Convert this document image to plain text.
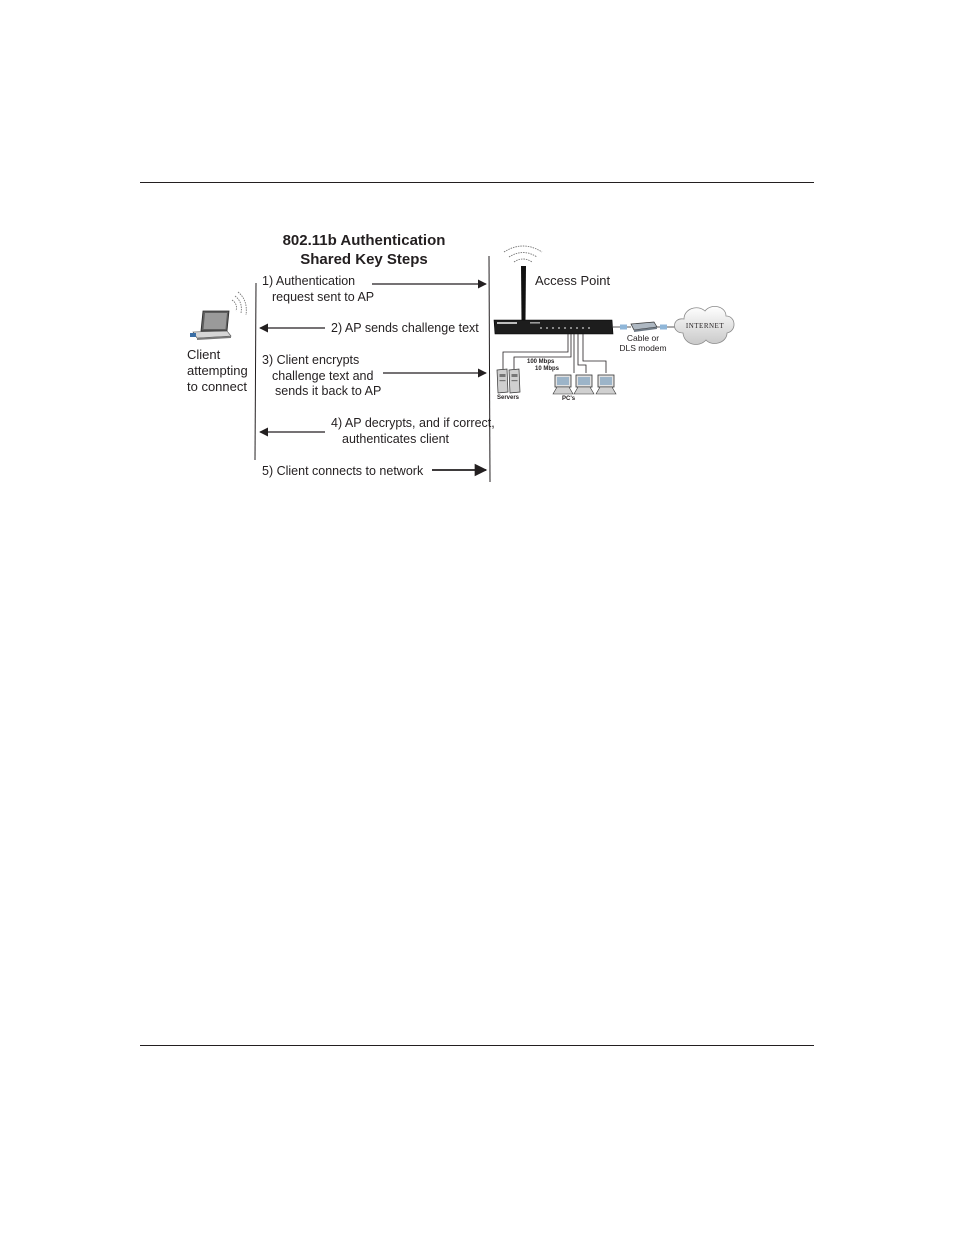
802.11b Authentication
Shared Key Steps
1) Authentication
request sent to AP
2) AP sends challenge text
3) Client encrypts
challenge text and
sends it back to AP
4) AP decrypts, and if correct,
authenticates client
5) Client connects to network
Client
attempting
to connect
Access Point
Cable or
DLS modem
INTERNET
100 Mbps
10 Mbps
Servers	PC's
